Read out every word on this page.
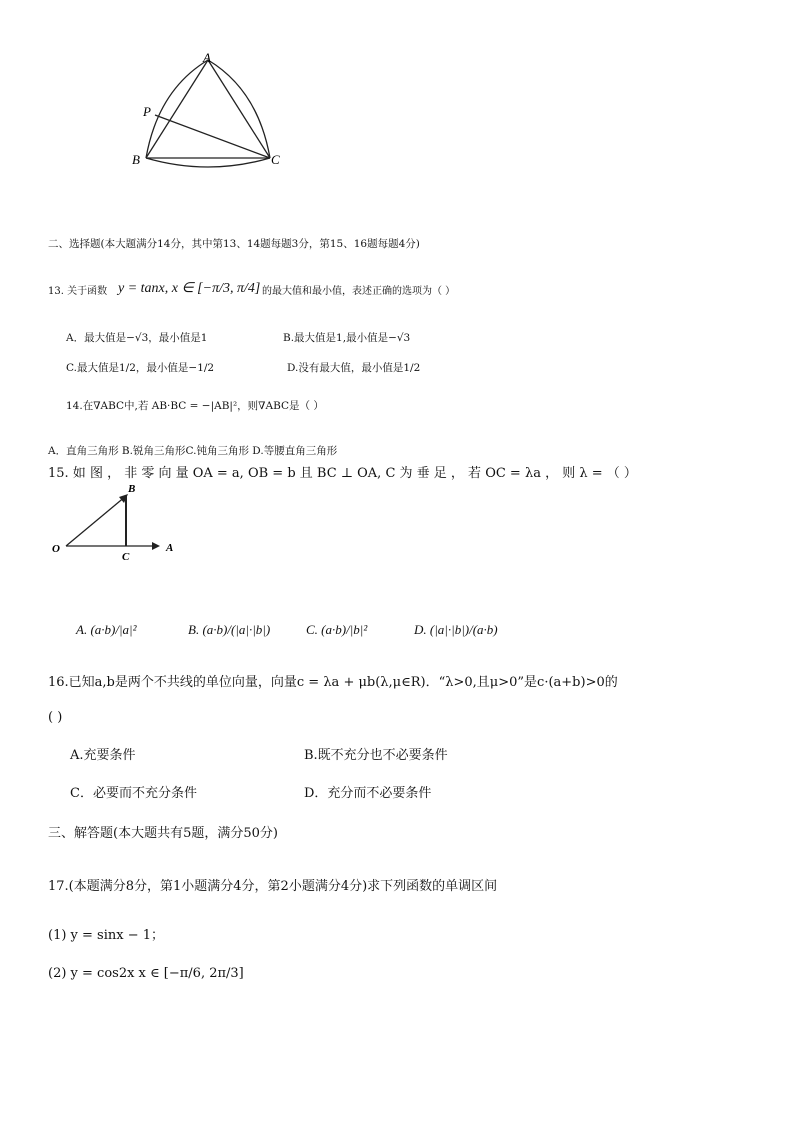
A
P
B	C
二、选择题(本大题满分14分，其中第13、14题每题3分，第15、16题每题4分)
13. 关于函数 y = tanx, x ∈ [−π/3, π/4] 的最大值和最小值，表述正确的选项为（ ）
A．最大值是−√3，最小值是1	B.最大值是1,最小值是−√3
C.最大值是1/2，最小值是−1/2	D.没有最大值，最小值是1/2
14.在∇ABC中,若 AB·BC = −|AB|²，则∇ABC是（ ）
A．直角三角形 B.锐角三角形C.钝角三角形 D.等腰直角三角形
15. 如 图 ， 非 零 向 量 OA = a, OB = b 且 BC ⊥ OA, C 为 垂 足 ， 若 OC = λa ， 则 λ = （ ）
O	A
B
C
A. (a·b)/|a|²	B. (a·b)/(|a|·|b|)	C. (a·b)/|b|²	D. (|a|·|b|)/(a·b)
16.已知a,b是两个不共线的单位向量，向量c = λa + μb(λ,μ∈R)．“λ>0,且μ>0”是c·(a+b)>0的
( )
A.充要条件	B.既不充分也不必要条件
C．必要而不充分条件	D．充分而不必要条件
三、解答题(本大题共有5题，满分50分)
17.(本题满分8分，第1小题满分4分，第2小题满分4分)求下列函数的单调区间
(1) y = sinx − 1；
(2) y = cos2x x ∈ [−π/6, 2π/3]
